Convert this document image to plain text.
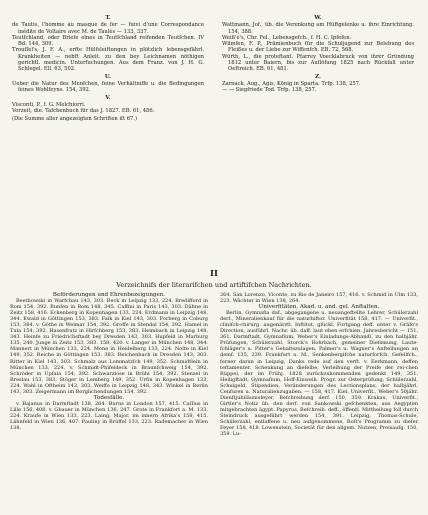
T.

de Tautis, l'homme au masque de fer — fuivi d'une Correspondance inédite de Voltaire avec M. de Taulès — 133, 337.

Teutfchland, oder Briefe eines in Teutfchland reifenden Teutfchen. IV Bd. 144, 309.

Troufſel's, J. F. A., erfte Hülfsleiftungen in plötzlich lebensgefährl. Krankheiten — nebft Anleit. zu den bey Leichnamen nöthigen gerichtl. medicin. Unterfuchungen. Aus dem Franz. von J. H. G. Schlegel. Ell. 63, 502.

U.

Ueber die Natur des Menfchen, feine Verhältniffe u. die Bedingungen feines Wohlfeyns. 154, 392.

V.

Visconti, P., f. G. Melchiorri.

Vorzeit, die. Tafchenbuch für das J. 1827. EB. 61, 486.

(Die Summe aller angezeigten Schriften iſt 67.)

W.

Wattmann, Jof., üb. die Verenkung am Hüftgelenke u. ihre Einrichtung. 154, 388.

Weiß'e's, Chr. Fel., Lebensgefch., f. H. C. Ipfefen.

Wilmfen, F. P., Prämienbuch für die Schuljugend zur Belebung des Fleißes u. der Liebe zur Wiffenfch. EB. 72, 568.

Würth, L., die proteftant. Pfarrey Voecklabruck von ihrer Gründung 1812 unter Baiern, bis zur Auflöfung 1825 nach Rückfall unter Oeftreich. EB. 61, 481.

Z.

Zarnack, Aug., Agis, König in Sparta. Trfp. 138, 257.

— — Siegfriede Tod. Trfp. 138, 257.

II
Verzeichnifs der literarifchen und artiftifchen Nachrichten.

Beförderungen und Ehrenbezeigungen.

Beethowski in Warfchau 143, 303. Beck in Leipzig 133, 224. Bredifford in Rom 154, 392. Bunfen in Rom 148, 345. Caffini in Paris 143, 303. Dähne in Zeitz 158, 416. Eckenberg in Kopenhagen 133, 224. Erdmann in Leipzig 148, 344. Ewald in Göttingen 153, 383. Falk in Kiel 143, 303. Forberg in Coburg 153, 384. v. Göthe in Weimar 154, 392. Groffe in Stendal 154, 392. Hamel in Tula 154, 392. Hasenfratz in Hirfchberg 153, 383. Heimbach in Leipzig 148, 343. Heinfe zu Friedrichsftadt bey Dresden 143, 303. Hupfeld in Marburg 135, 240. Junge in Zeitz 153, 383. 158, 420. v. Langer in München 148, 344. Mannert in München 133, 224. Mone in Heidelberg 133, 224. Nolte in Kiel 149, 352. Reiche in Göttingen 153, 383. Reichenbach in Dresden 143, 303. Ritter in Kiel 143, 303. Schmalz aus Lommatzfch 149, 352. Schmidtlein in München 133, 224. v. Schmidt-Phifeldeck in Braunfchweig 154, 392. Schröder in Upfala 154, 392. Schwarzlose in Brühl 154, 392. Stenzel in Breslau 153, 383. Stöger in Lemberg 149, 352. Urfin in Kopenhagen 133, 224. Wahl in Oftheim 143, 303. Weiffe in Leipzig 148, 343. Winkel in Berlin 143, 303. Zeigermann im Borglichendungen 154, 392.

Todesfälle.

v. Bajanus in Darmftadt 138, 264. Burns in London 157, 415. Caſſius in Lille 156, 408. v. Gbauer in München 136, 247. Grote in Frankfort a. M. 133, 224. Kraufe in Wien 133, 223. Laing, Major, im innern Afrika's 158, 415. Lähnfeld in Wien 136, 407. Pauliny in Brüffel 133, 223. Rademacher in Wien 138,

264. San Lorenzo, Viconte, zu Rio de Janeiro 157, 416. v. Schmid in Ulm 133, 223. Wächter in Wien 138, 264.

Univerfitäten, Akad. u. and. gel. Anftalten.

Berlin, Gymnafia daf., abgegangene u. neuangeftellte Lehrer, Schülerzahl derf., Mineralienkauf für die naturhiftor. Univerfität 158, 417. — Univerfit., clinifch-chirurg. augenärztl. Inftitut, glückl. Fortgang deff. unter v. Gräfe's Direction, ausführl. Nachr. üb. daff. laut eben erfchien. Jahresbericht — 151, 361. Darmftadt, Gymnafium, Weber's Einladungs-Abhandl. zu den halbjähr. Prüfungen, Schülerzahl, Storck's Rohrbach, gemeiner Diefsmung, Laute-fchläger's u. Pitter's Gehaltszulagen, Palmer's u. Wagner's Anftellungen an demf. 135, 239. Frankfurt a. M., Senkenbergifche naturforfch. Gefellfch., ferner daran in Leipzig, Danks rede auf den verft. v. Eerkmann, deffen teftamenter. Schenkung an diefelbe, Verleihung der Preife der rei-chen Rüppel, der im Frühj. 1828 zurückzukommenden gedenkt 149, 351. Heiligftadt, Gymnafium, Hoff-Einweih. Progr. zur Osterprüfung, Schülerzahl, Schulgeld, Stipendien, Veränderungen des Lectionsplans, der halbjährl. Cenfuren u. Naturalienzugaben. — 158, 417. Kiel, Univerfit., Weber's 50jähr. Dienftjubiläumsfeyer, Befchreibung derf. 150, 359. Krakau, Univerfit., Girtler's Notiz üb. den derf. von Sankowski gefchenkten, aus Aegypten mitgebrachten ägypt. Papyrus, Befchreib. deff., öffentl. Mittheilung foll durch Steindruck ausgeführt werden 154, 391. Leipzig, Thomas-Schule, Schülerzahl, entlaffene u. neu aufgenommene, Roft's Programm zu dieſer Feyer 158, 418. Lowenstein, Societät für den allgem. Nutzen, Preisaufg. 150, 359. Lu-
